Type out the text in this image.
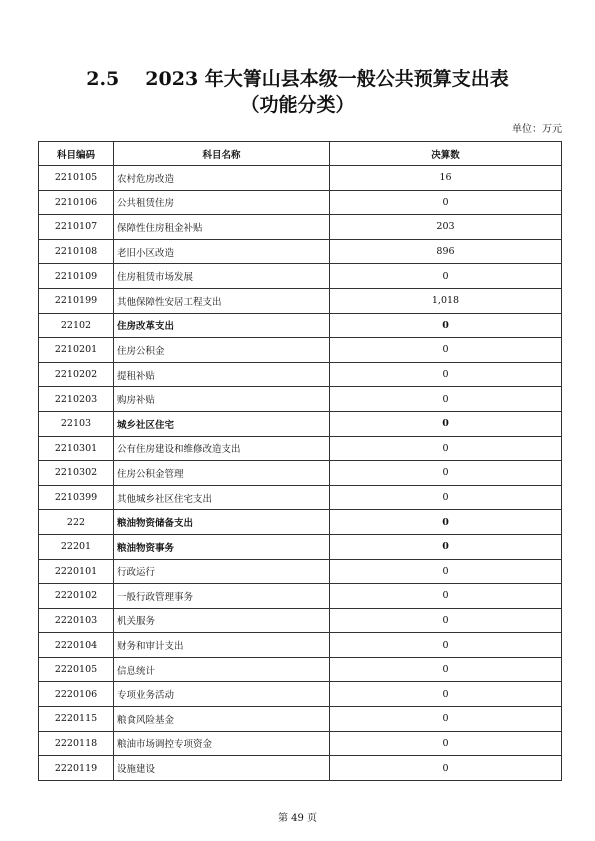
2.5 2023 年大箐山县本级一般公共预算支出表
（功能分类）
单位：万元
科目编码	科目名称	决算数
2210105	农村危房改造	16
2210106	公共租赁住房	0
2210107	保障性住房租金补贴	203
2210108	老旧小区改造	896
2210109	住房租赁市场发展	0
2210199	其他保障性安居工程支出	1,018
22102	住房改革支出	0
2210201	住房公积金	0
2210202	提租补贴	0
2210203	购房补贴	0
22103	城乡社区住宅	0
2210301	公有住房建设和维修改造支出	0
2210302	住房公积金管理	0
2210399	其他城乡社区住宅支出	0
222	粮油物资储备支出	0
22201	粮油物资事务	0
2220101	行政运行	0
2220102	一般行政管理事务	0
2220103	机关服务	0
2220104	财务和审计支出	0
2220105	信息统计	0
2220106	专项业务活动	0
2220115	粮食风险基金	0
2220118	粮油市场调控专项资金	0
2220119	设施建设	0
第 49 页
